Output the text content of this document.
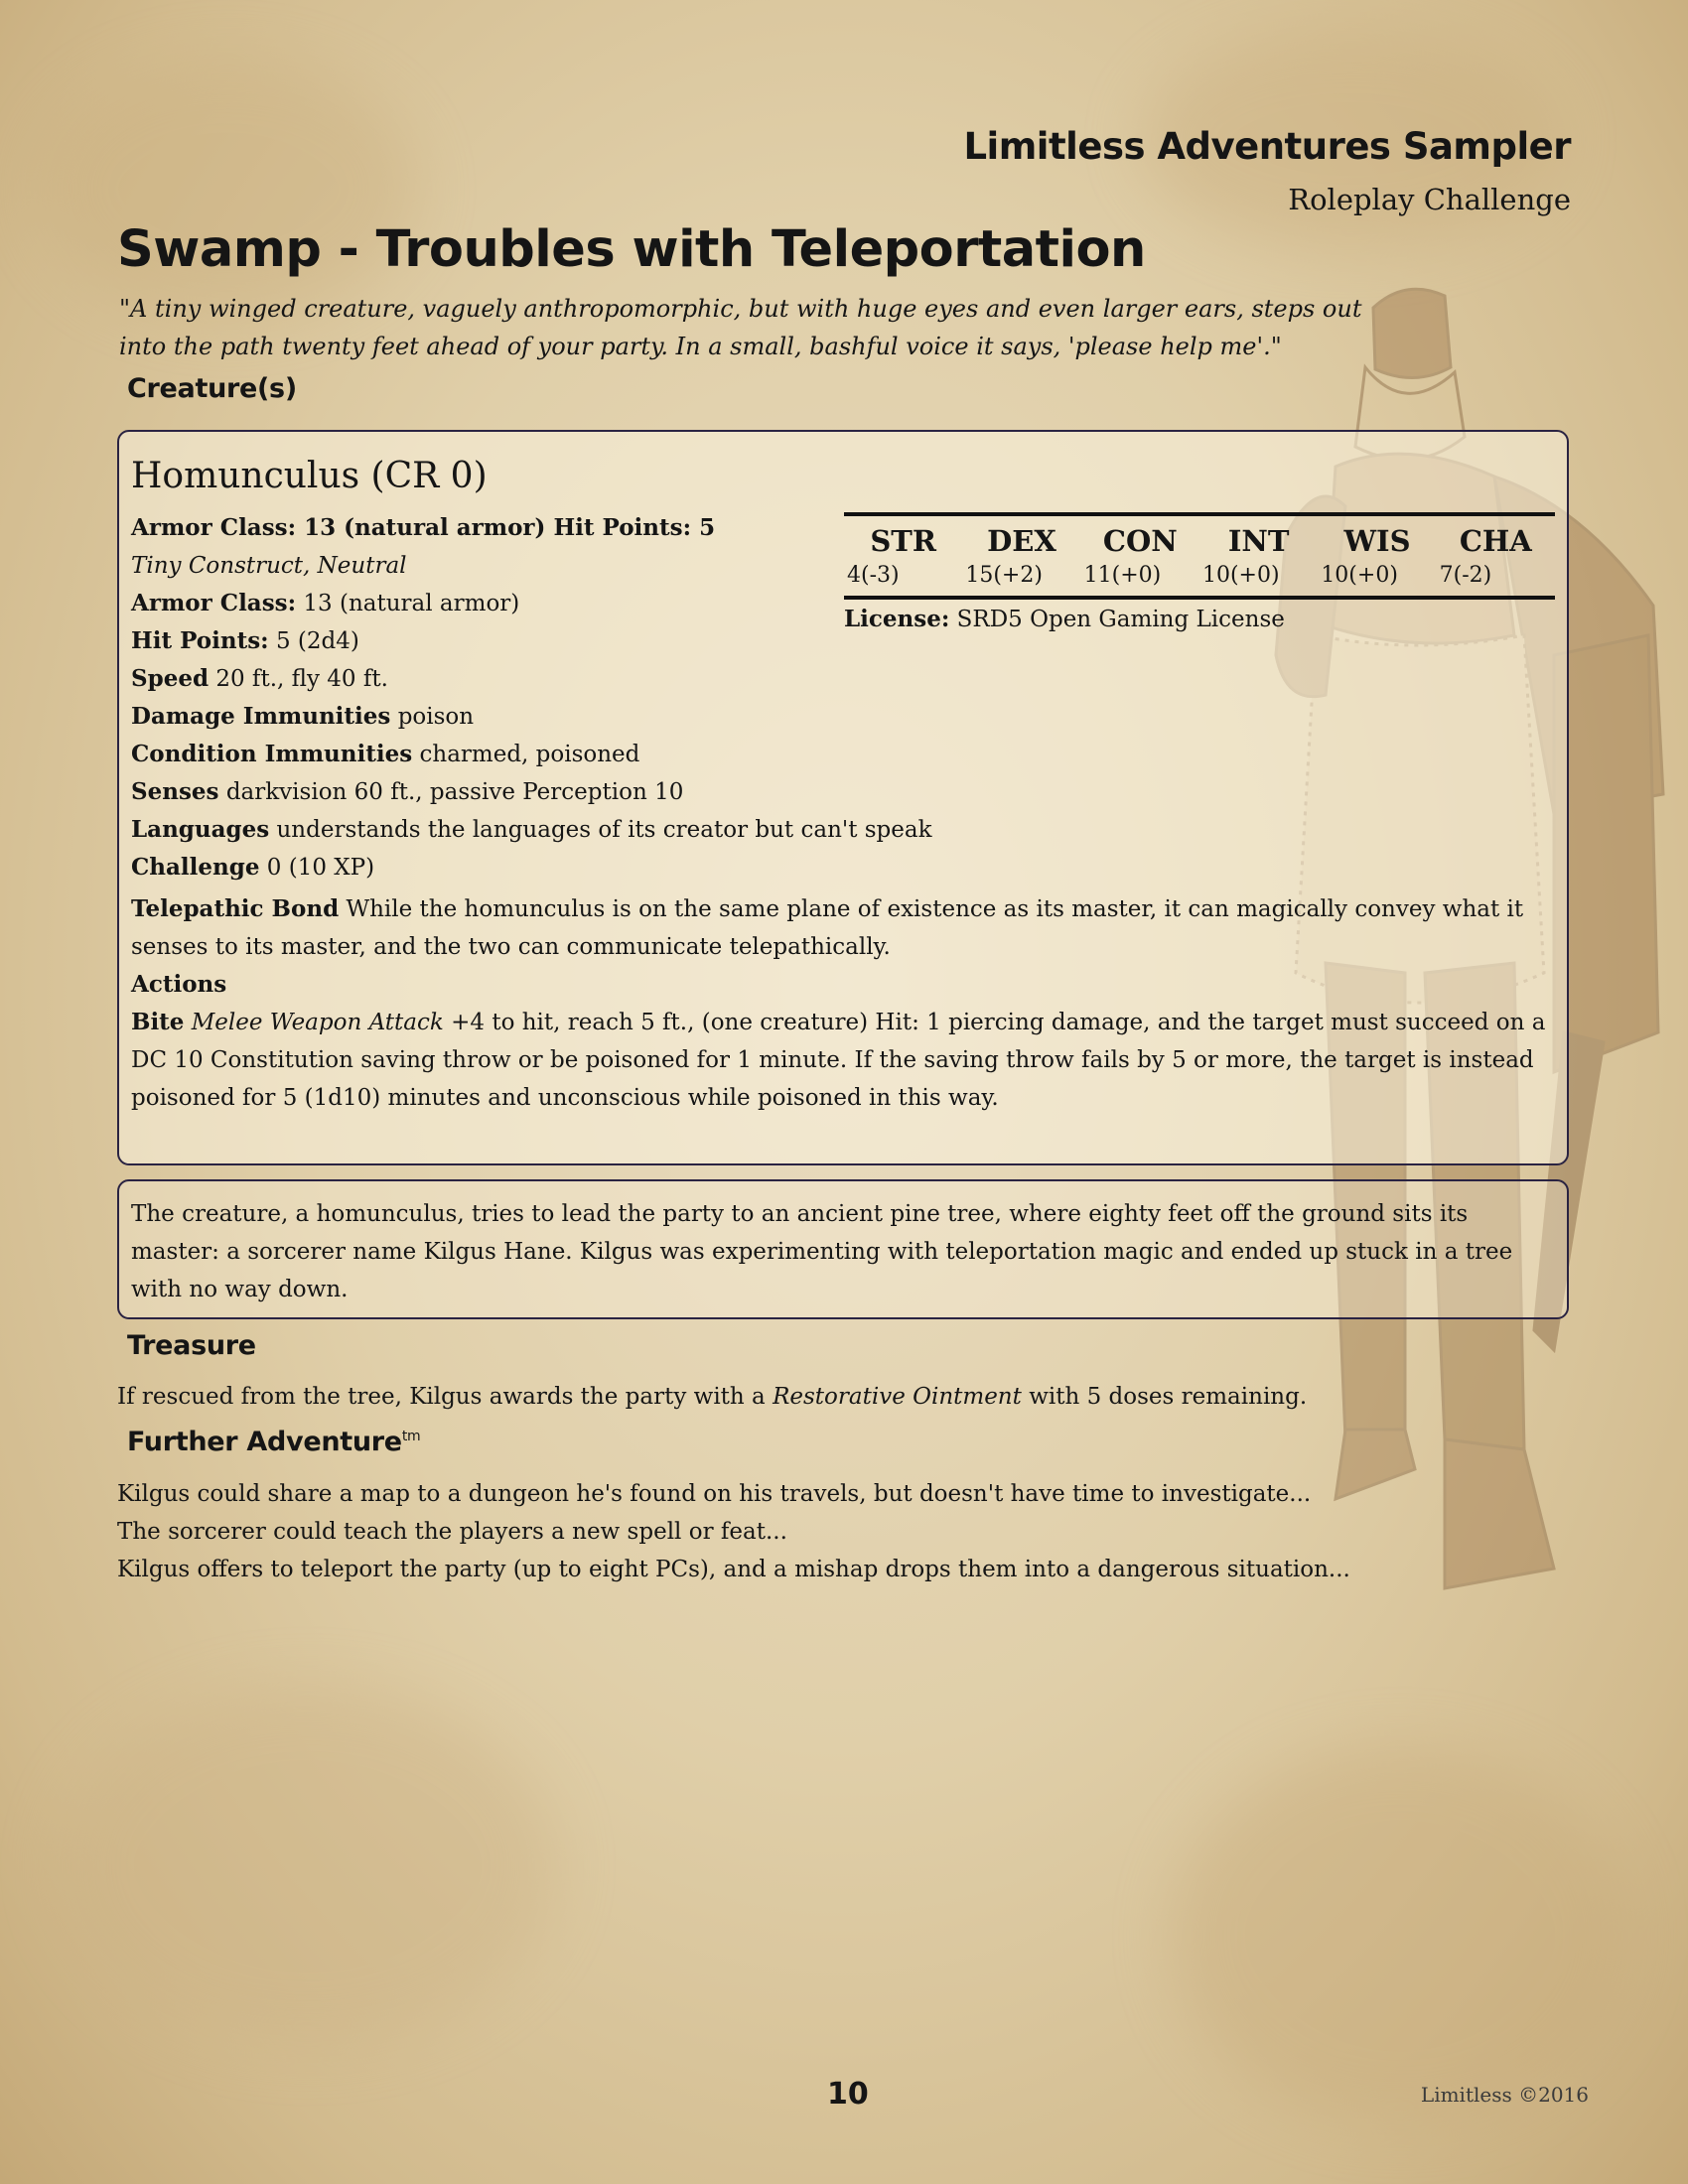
Limitless Adventures Sampler
Roleplay Challenge
Swamp - Troubles with Teleportation
"A tiny winged creature, vaguely anthropomorphic, but with huge eyes and even larger ears, steps out into the path twenty feet ahead of your party. In a small, bashful voice it says, 'please help me'."
Creature(s)
Homunculus (CR 0)
Armor Class: 13 (natural armor) Hit Points: 5
Tiny Construct, Neutral
Armor Class: 13 (natural armor)
Hit Points: 5 (2d4)
Speed 20 ft., fly 40 ft.
Damage Immunities poison
Condition Immunities charmed, poisoned
Senses darkvision 60 ft., passive Perception 10
Languages understands the languages of its creator but can't speak
Challenge 0 (10 XP)
STR	DEX	CON	INT	WIS	CHA
4(-3)	15(+2)	11(+0)	10(+0)	10(+0)	7(-2)
License: SRD5 Open Gaming License
Telepathic Bond While the homunculus is on the same plane of existence as its master, it can magically convey what it senses to its master, and the two can communicate telepathically.
Actions
Bite Melee Weapon Attack +4 to hit, reach 5 ft., (one creature) Hit: 1 piercing damage, and the target must succeed on a DC 10 Constitution saving throw or be poisoned for 1 minute. If the saving throw fails by 5 or more, the target is instead poisoned for 5 (1d10) minutes and unconscious while poisoned in this way.
The creature, a homunculus, tries to lead the party to an ancient pine tree, where eighty feet off the ground sits its master: a sorcerer name Kilgus Hane. Kilgus was experimenting with teleportation magic and ended up stuck in a tree with no way down.
Treasure
If rescued from the tree, Kilgus awards the party with a Restorative Ointment with 5 doses remaining.
Further Adventure$^{tm}$
Kilgus could share a map to a dungeon he's found on his travels, but doesn't have time to investigate...
The sorcerer could teach the players a new spell or feat...
Kilgus offers to teleport the party (up to eight PCs), and a mishap drops them into a dangerous situation...
10	Limitless ©2016
